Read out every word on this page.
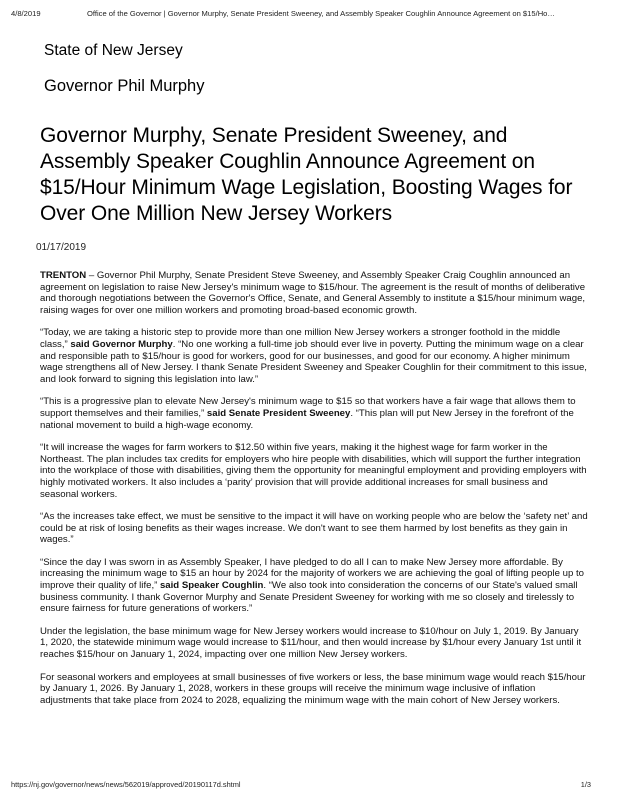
4/8/2019	Office of the Governor | Governor Murphy, Senate President Sweeney, and Assembly Speaker Coughlin Announce Agreement on $15/Ho…
State of New Jersey
Governor Phil Murphy
Governor Murphy, Senate President Sweeney, and Assembly Speaker Coughlin Announce Agreement on $15/Hour Minimum Wage Legislation, Boosting Wages for Over One Million New Jersey Workers
01/17/2019

TRENTON – Governor Phil Murphy, Senate President Steve Sweeney, and Assembly Speaker Craig Coughlin announced an agreement on legislation to raise New Jersey's minimum wage to $15/hour. The agreement is the result of months of deliberative and thorough negotiations between the Governor's Office, Senate, and General Assembly to institute a $15/hour minimum wage, raising wages for over one million workers and promoting broad-based economic growth.

“Today, we are taking a historic step to provide more than one million New Jersey workers a stronger foothold in the middle class,” said Governor Murphy. “No one working a full-time job should ever live in poverty. Putting the minimum wage on a clear and responsible path to $15/hour is good for workers, good for our businesses, and good for our economy. A higher minimum wage strengthens all of New Jersey. I thank Senate President Sweeney and Speaker Coughlin for their commitment to this issue, and look forward to signing this legislation into law.”

“This is a progressive plan to elevate New Jersey's minimum wage to $15 so that workers have a fair wage that allows them to support themselves and their families,” said Senate President Sweeney. “This plan will put New Jersey in the forefront of the national movement to build a high-wage economy.

“It will increase the wages for farm workers to $12.50 within five years, making it the highest wage for farm worker in the Northeast. The plan includes tax credits for employers who hire people with disabilities, which will support the further integration into the workplace of those with disabilities, giving them the opportunity for meaningful employment and providing employers with highly motivated workers. It also includes a ‘parity’ provision that will provide additional increases for small business and seasonal workers.

“As the increases take effect, we must be sensitive to the impact it will have on working people who are below the ‘safety net’ and could be at risk of losing benefits as their wages increase. We don't want to see them harmed by lost benefits as they gain in wages.”

“Since the day I was sworn in as Assembly Speaker, I have pledged to do all I can to make New Jersey more affordable. By increasing the minimum wage to $15 an hour by 2024 for the majority of workers we are achieving the goal of lifting people up to improve their quality of life,” said Speaker Coughlin. “We also took into consideration the concerns of our State's valued small business community. I thank Governor Murphy and Senate President Sweeney for working with me so closely and tirelessly to ensure fairness for future generations of workers.”

Under the legislation, the base minimum wage for New Jersey workers would increase to $10/hour on July 1, 2019. By January 1, 2020, the statewide minimum wage would increase to $11/hour, and then would increase by $1/hour every January 1st until it reaches $15/hour on January 1, 2024, impacting over one million New Jersey workers.

For seasonal workers and employees at small businesses of five workers or less, the base minimum wage would reach $15/hour by January 1, 2026. By January 1, 2028, workers in these groups will receive the minimum wage inclusive of inflation adjustments that take place from 2024 to 2028, equalizing the minimum wage with the main cohort of New Jersey workers.

https://nj.gov/governor/news/news/562019/approved/20190117d.shtml	1/3
